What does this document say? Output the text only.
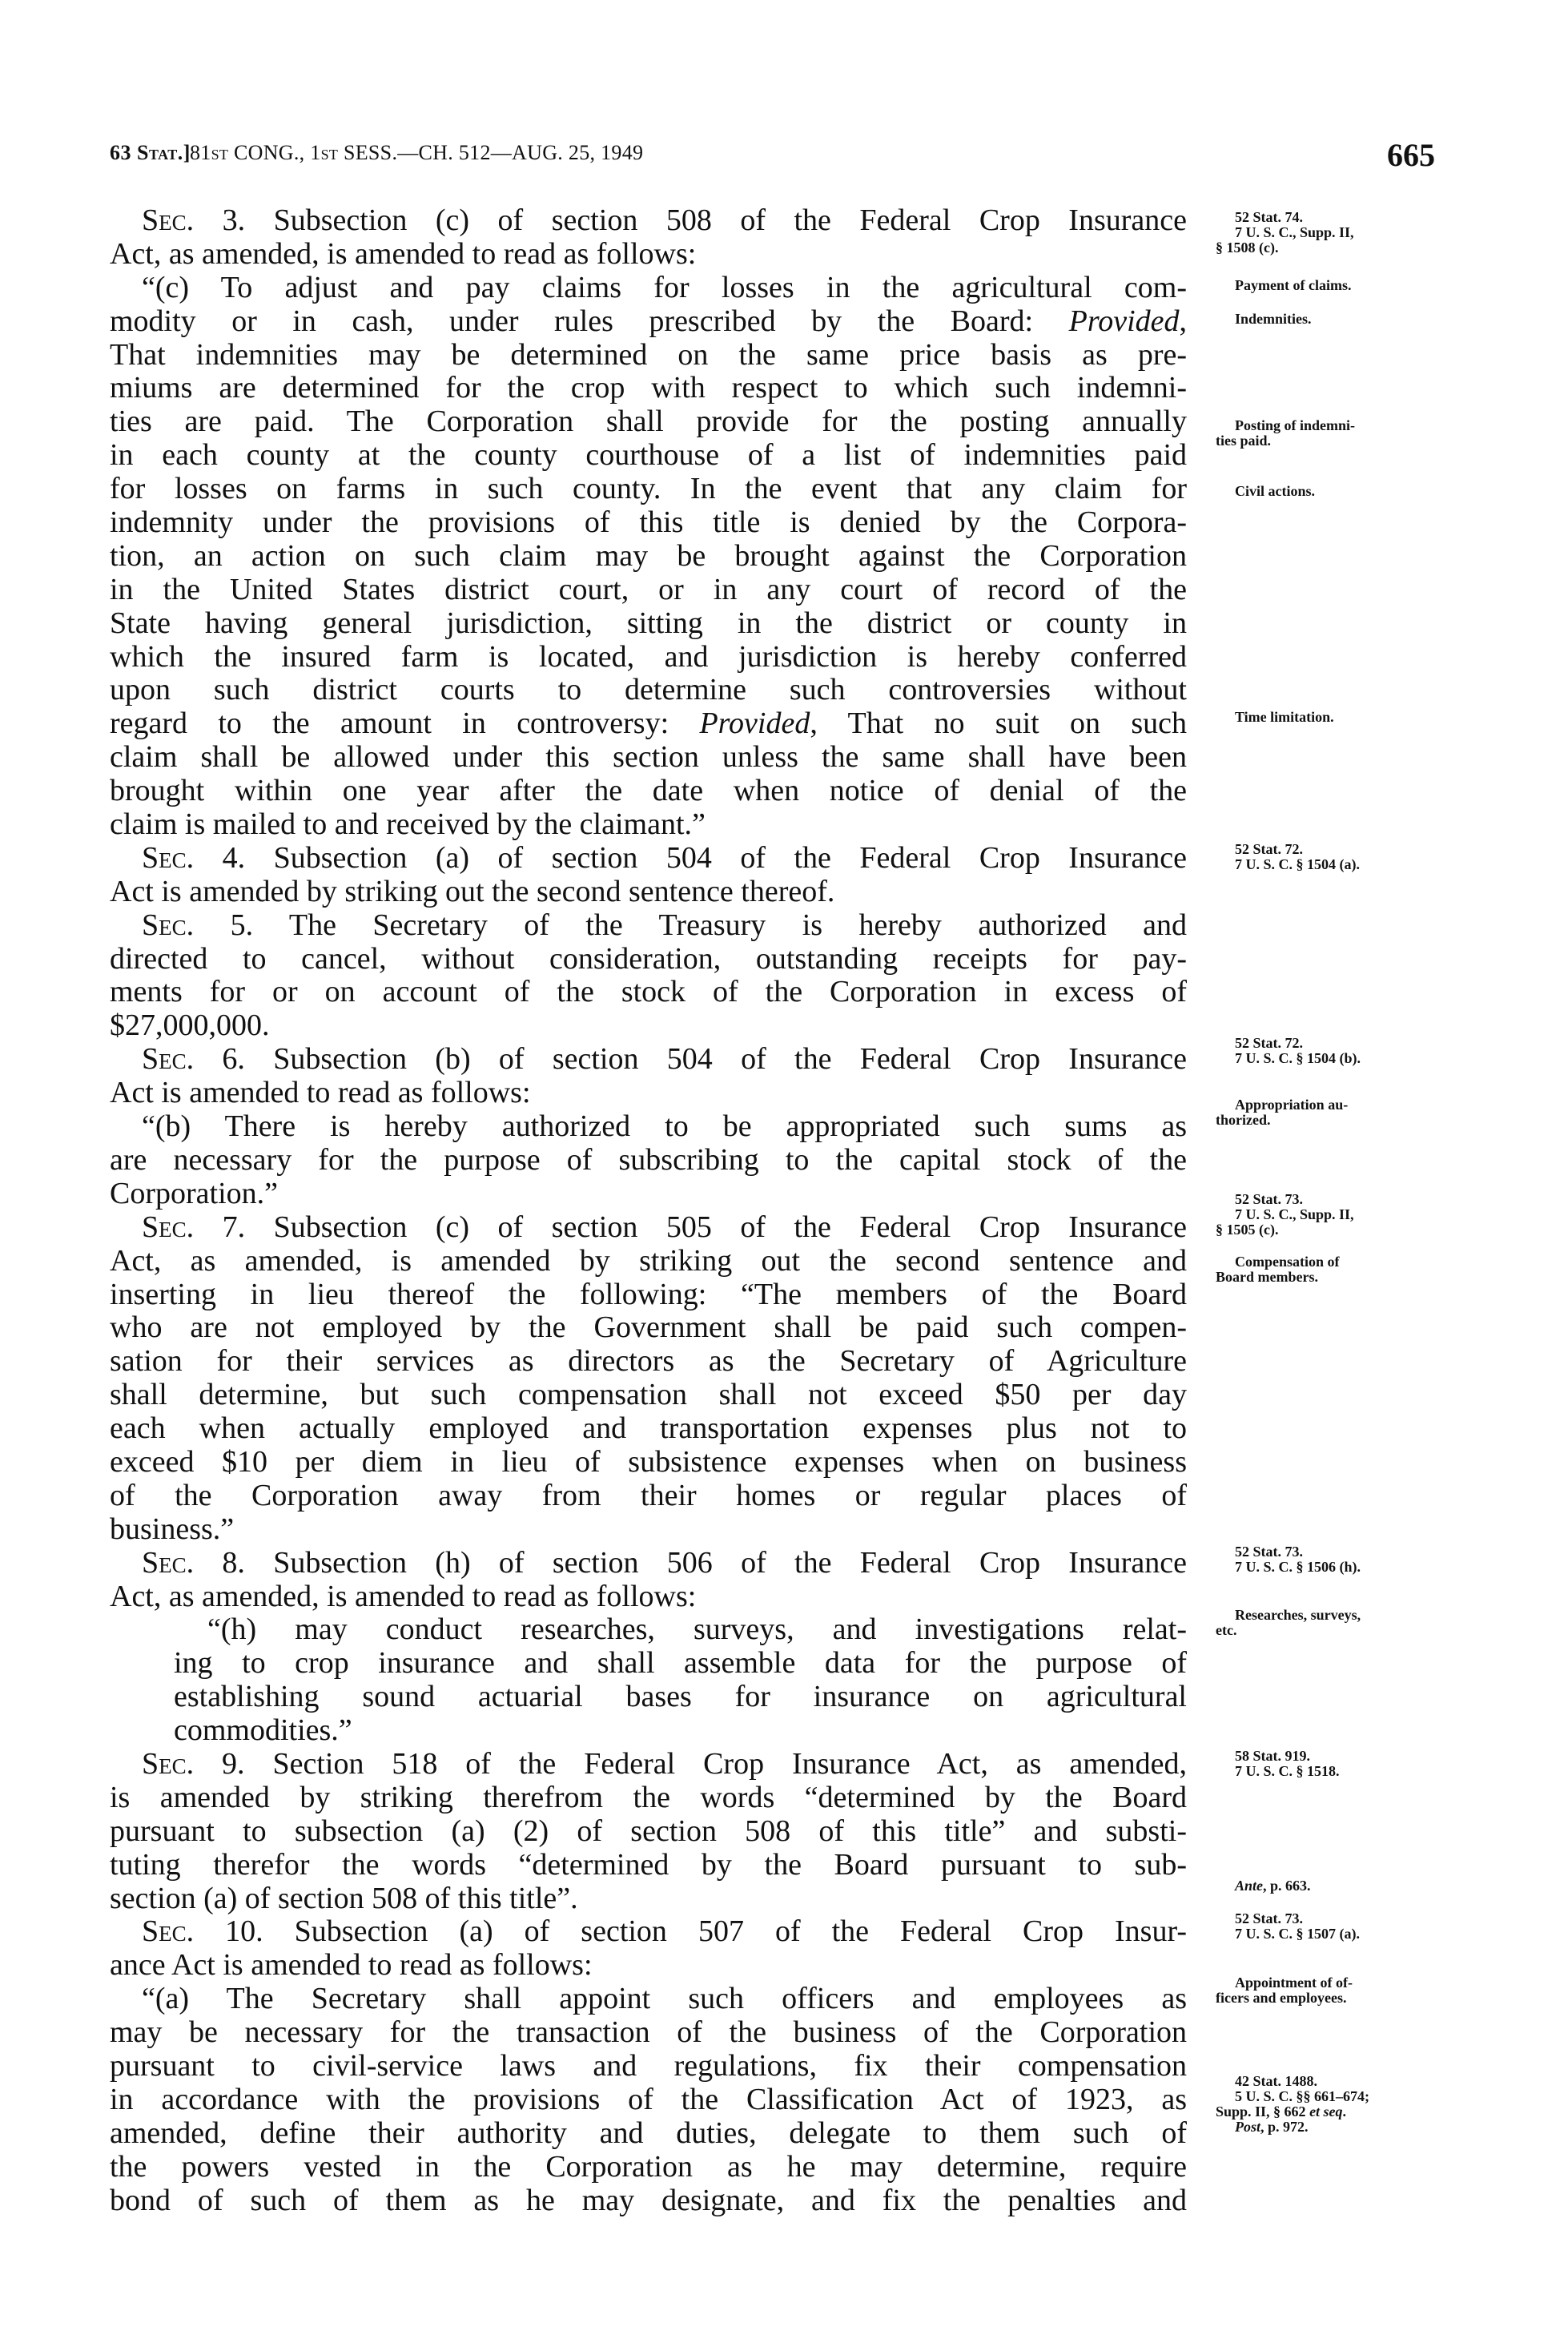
63 Stat.] 81st CONG., 1st SESS.—CH. 512—AUG. 25, 1949	665
Sec. 3. Subsection (c) of section 508 of the Federal Crop Insurance
Act, as amended, is amended to read as follows:
“(c) To adjust and pay claims for losses in the agricultural com-
modity or in cash, under rules prescribed by the Board: Provided,
That indemnities may be determined on the same price basis as pre-
miums are determined for the crop with respect to which such indemni-
ties are paid. The Corporation shall provide for the posting annually
in each county at the county courthouse of a list of indemnities paid
for losses on farms in such county. In the event that any claim for
indemnity under the provisions of this title is denied by the Corpora-
tion, an action on such claim may be brought against the Corporation
in the United States district court, or in any court of record of the
State having general jurisdiction, sitting in the district or county in
which the insured farm is located, and jurisdiction is hereby conferred
upon such district courts to determine such controversies without
regard to the amount in controversy: Provided, That no suit on such
claim shall be allowed under this section unless the same shall have been
brought within one year after the date when notice of denial of the
claim is mailed to and received by the claimant.”
Sec. 4. Subsection (a) of section 504 of the Federal Crop Insurance
Act is amended by striking out the second sentence thereof.
Sec. 5. The Secretary of the Treasury is hereby authorized and
directed to cancel, without consideration, outstanding receipts for pay-
ments for or on account of the stock of the Corporation in excess of
$27,000,000.
Sec. 6. Subsection (b) of section 504 of the Federal Crop Insurance
Act is amended to read as follows:
“(b) There is hereby authorized to be appropriated such sums as
are necessary for the purpose of subscribing to the capital stock of the
Corporation.”
Sec. 7. Subsection (c) of section 505 of the Federal Crop Insurance
Act, as amended, is amended by striking out the second sentence and
inserting in lieu thereof the following: “The members of the Board
who are not employed by the Government shall be paid such compen-
sation for their services as directors as the Secretary of Agriculture
shall determine, but such compensation shall not exceed $50 per day
each when actually employed and transportation expenses plus not to
exceed $10 per diem in lieu of subsistence expenses when on business
of the Corporation away from their homes or regular places of
business.”
Sec. 8. Subsection (h) of section 506 of the Federal Crop Insurance
Act, as amended, is amended to read as follows:
“(h) may conduct researches, surveys, and investigations relat-
ing to crop insurance and shall assemble data for the purpose of
establishing sound actuarial bases for insurance on agricultural
commodities.”
Sec. 9. Section 518 of the Federal Crop Insurance Act, as amended,
is amended by striking therefrom the words “determined by the Board
pursuant to subsection (a) (2) of section 508 of this title” and substi-
tuting therefor the words “determined by the Board pursuant to sub-
section (a) of section 508 of this title”.
Sec. 10. Subsection (a) of section 507 of the Federal Crop Insur-
ance Act is amended to read as follows:
“(a) The Secretary shall appoint such officers and employees as
may be necessary for the transaction of the business of the Corporation
pursuant to civil-service laws and regulations, fix their compensation
in accordance with the provisions of the Classification Act of 1923, as
amended, define their authority and duties, delegate to them such of
the powers vested in the Corporation as he may determine, require
bond of such of them as he may designate, and fix the penalties and
52 Stat. 74.
7 U. S. C., Supp. II,
§ 1508 (c).
Payment of claims.
Indemnities.
Posting of indemni-
ties paid.
Civil actions.
Time limitation.
52 Stat. 72.
7 U. S. C. § 1504 (a).
52 Stat. 72.
7 U. S. C. § 1504 (b).
Appropriation au-
thorized.
52 Stat. 73.
7 U. S. C., Supp. II,
§ 1505 (c).
Compensation of
Board members.
52 Stat. 73.
7 U. S. C. § 1506 (h).
Researches, surveys,
etc.
58 Stat. 919.
7 U. S. C. § 1518.
Ante, p. 663.
52 Stat. 73.
7 U. S. C. § 1507 (a).
Appointment of of-
ficers and employees.
42 Stat. 1488.
5 U. S. C. §§ 661–674;
Supp. II, § 662 et seq.
Post, p. 972.
